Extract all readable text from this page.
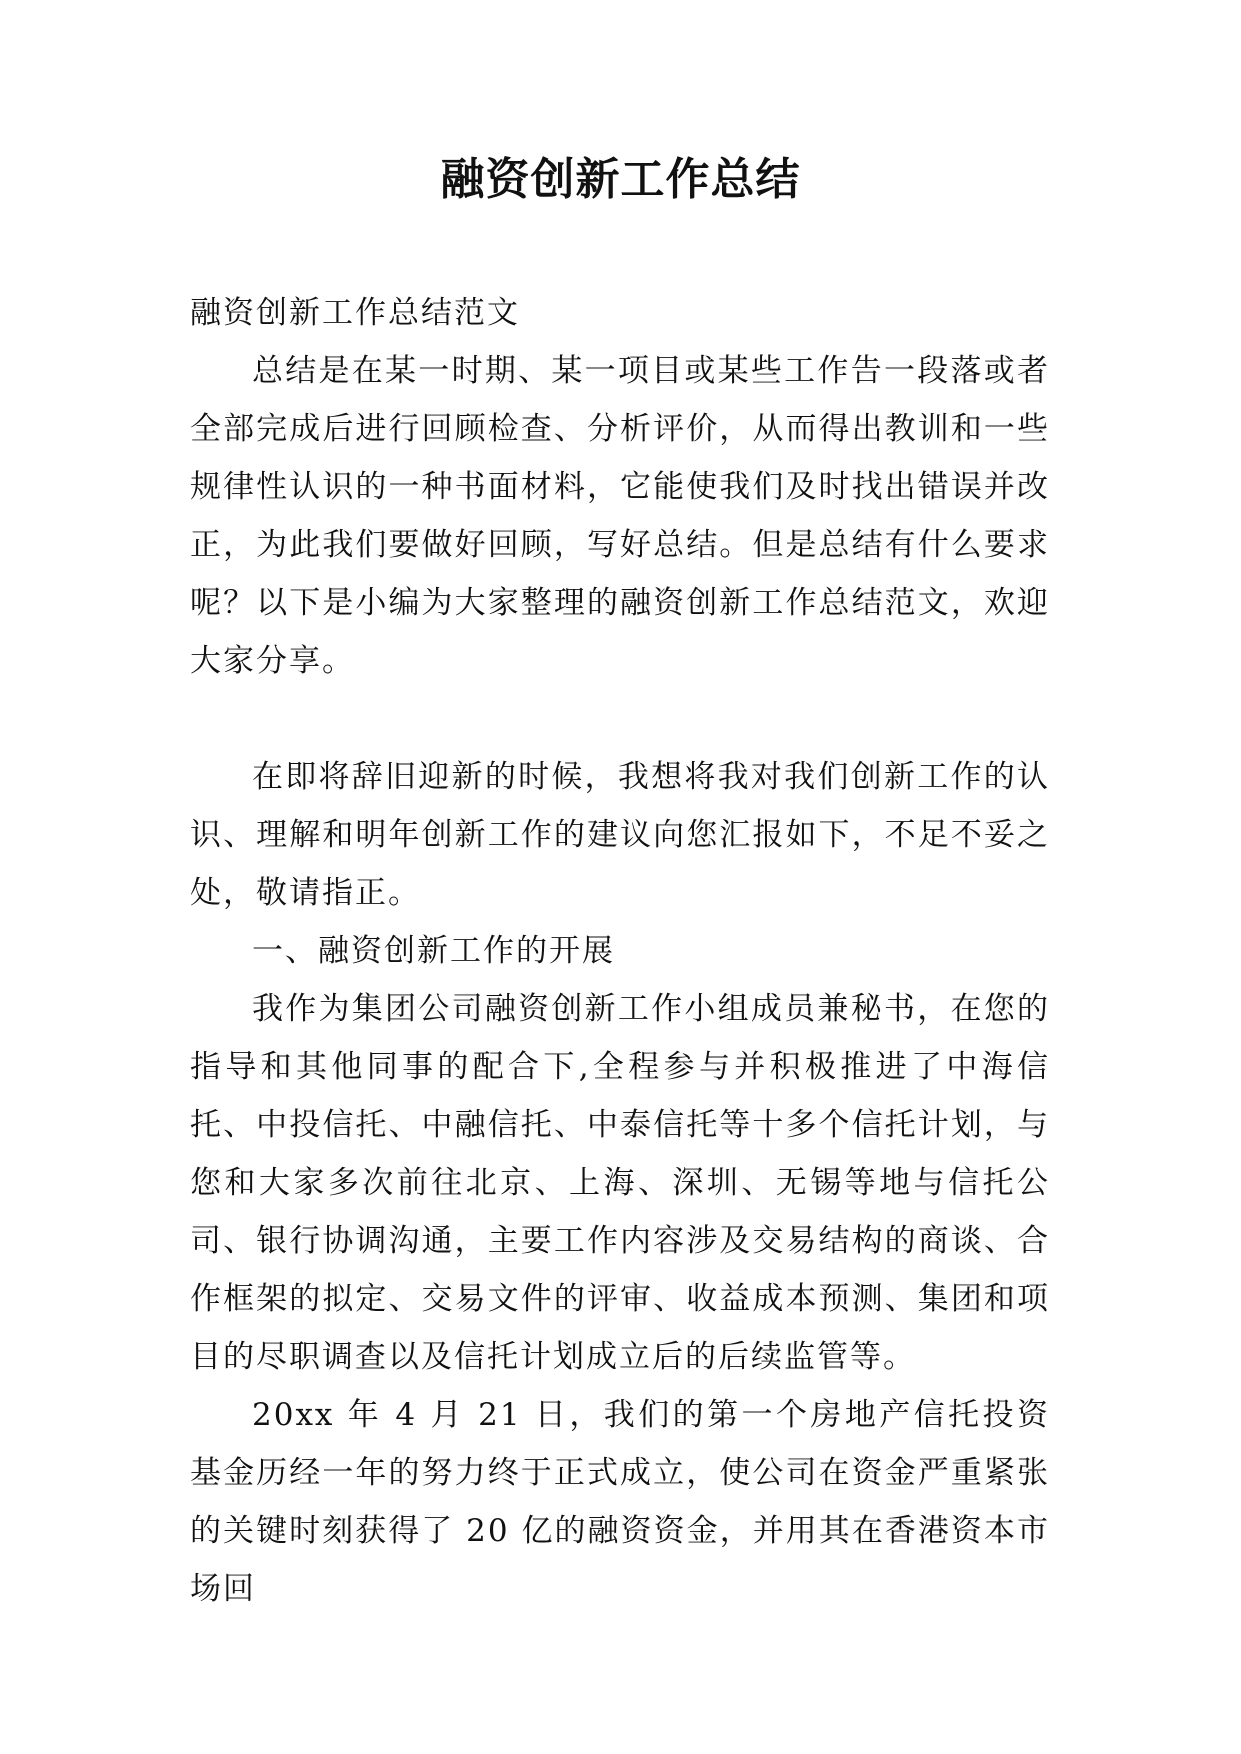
融资创新工作总结

融资创新工作总结范文

总结是在某一时期、某一项目或某些工作告一段落或者全部完成后进行回顾检查、分析评价，从而得出教训和一些规律性认识的一种书面材料，它能使我们及时找出错误并改正，为此我们要做好回顾，写好总结。但是总结有什么要求呢？以下是小编为大家整理的融资创新工作总结范文，欢迎大家分享。

在即将辞旧迎新的时候，我想将我对我们创新工作的认识、理解和明年创新工作的建议向您汇报如下，不足不妥之处，敬请指正。

一、融资创新工作的开展

我作为集团公司融资创新工作小组成员兼秘书，在您的指导和其他同事的配合下,全程参与并积极推进了中海信托、中投信托、中融信托、中泰信托等十多个信托计划，与您和大家多次前往北京、上海、深圳、无锡等地与信托公司、银行协调沟通，主要工作内容涉及交易结构的商谈、合作框架的拟定、交易文件的评审、收益成本预测、集团和项目的尽职调查以及信托计划成立后的后续监管等。

20xx 年 4 月 21 日，我们的第一个房地产信托投资基金历经一年的努力终于正式成立，使公司在资金严重紧张的关键时刻获得了 20 亿的融资资金，并用其在香港资本市场回
